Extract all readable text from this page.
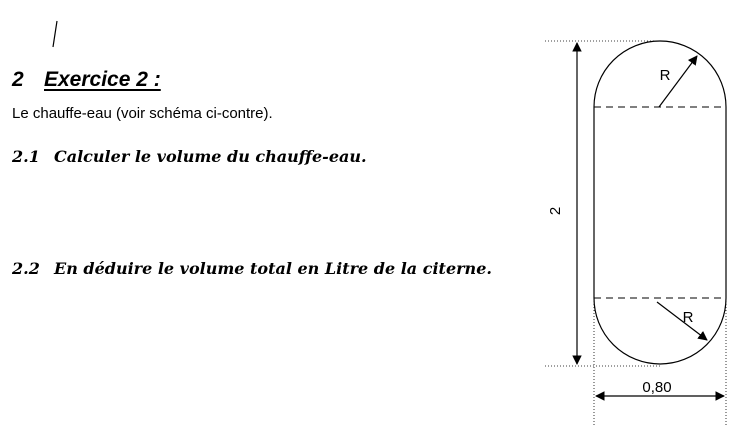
2 Exercice 2 :
Le chauffe-eau (voir schéma ci-contre).
2.1 Calculer le volume du chauffe-eau.
2.2 En déduire le volume total en Litre de la citerne.
2
0,80
R
R
